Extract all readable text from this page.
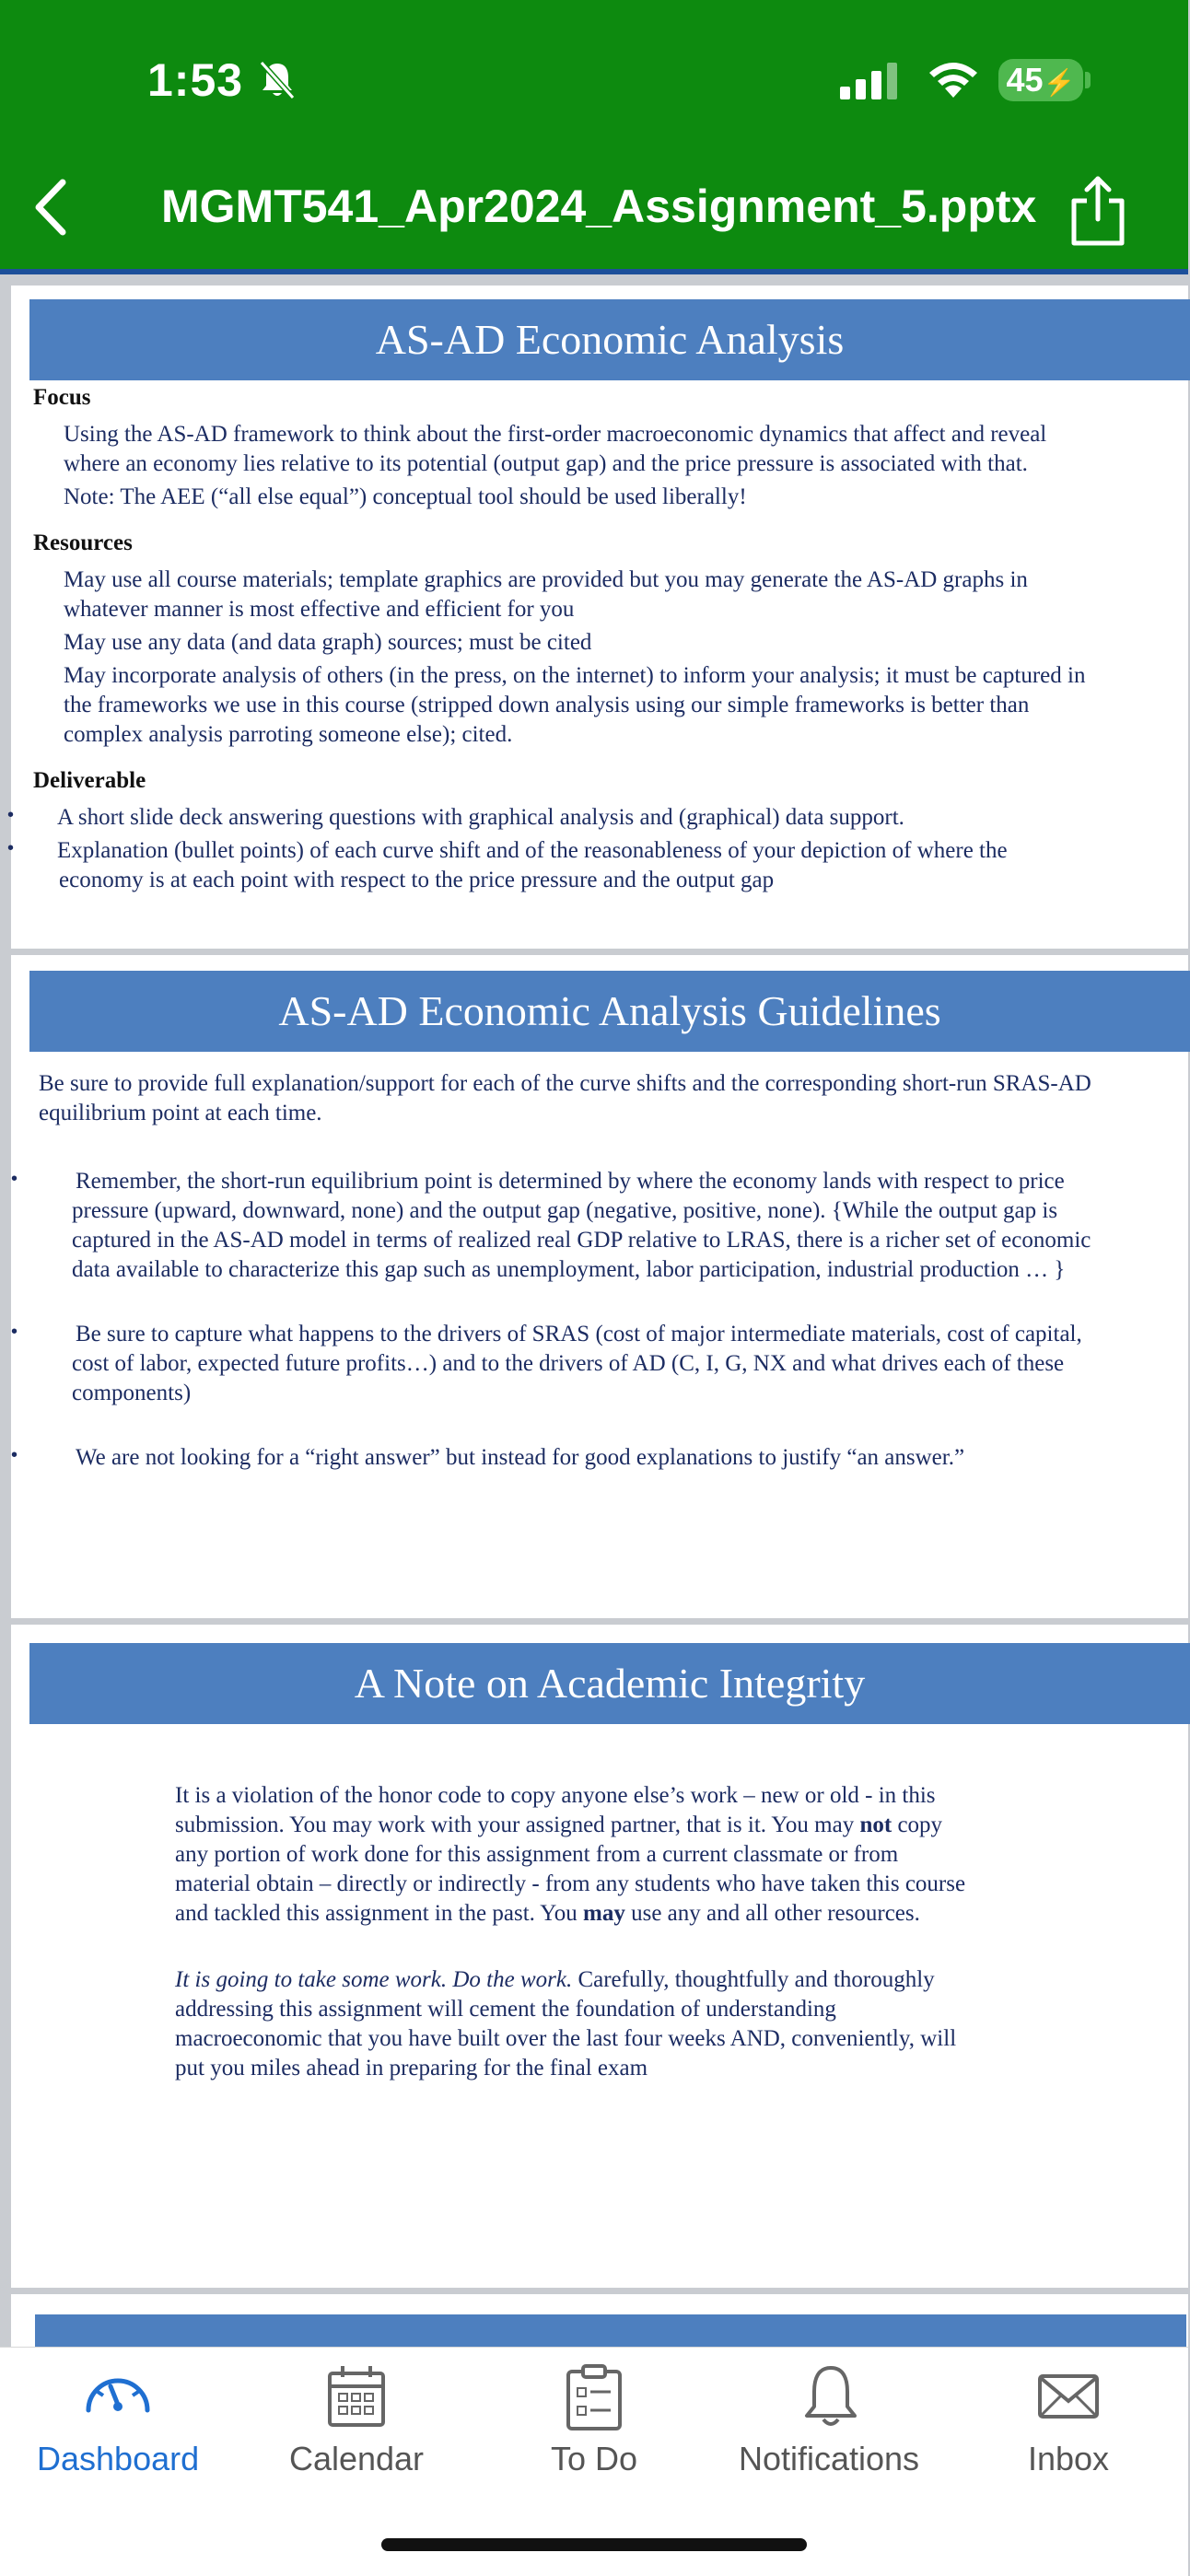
1:53	45⚡
MGMT541_Apr2024_Assignment_5.pptx
AS-AD Economic Analysis
Focus
Using the AS-AD framework to think about the first-order macroeconomic dynamics that affect and reveal
where an economy lies relative to its potential (output gap) and the price pressure is associated with that.
Note: The AEE (“all else equal”) conceptual tool should be used liberally!
Resources
May use all course materials; template graphics are provided but you may generate the AS-AD graphs in
whatever manner is most effective and efficient for you
May use any data (and data graph) sources; must be cited
May incorporate analysis of others (in the press, on the internet) to inform your analysis; it must be captured in
the frameworks we use in this course (stripped down analysis using our simple frameworks is better than
complex analysis parroting someone else); cited.
Deliverable
• A short slide deck answering questions with graphical analysis and (graphical) data support.
• Explanation (bullet points) of each curve shift and of the reasonableness of your depiction of where the
economy is at each point with respect to the price pressure and the output gap
AS-AD Economic Analysis Guidelines
Be sure to provide full explanation/support for each of the curve shifts and the corresponding short-run SRAS-AD
equilibrium point at each time.
•	Remember, the short-run equilibrium point is determined by where the economy lands with respect to price
pressure (upward, downward, none) and the output gap (negative, positive, none). {While the output gap is
captured in the AS-AD model in terms of realized real GDP relative to LRAS, there is a richer set of economic
data available to characterize this gap such as unemployment, labor participation, industrial production … }
•	Be sure to capture what happens to the drivers of SRAS (cost of major intermediate materials, cost of capital,
cost of labor, expected future profits…) and to the drivers of AD (C, I, G, NX and what drives each of these
components)
•	We are not looking for a “right answer” but instead for good explanations to justify “an answer.”
A Note on Academic Integrity
It is a violation of the honor code to copy anyone else’s work – new or old - in this
submission. You may work with your assigned partner, that is it. You may not copy
any portion of work done for this assignment from a current classmate or from
material obtain – directly or indirectly - from any students who have taken this course
and tackled this assignment in the past. You may use any and all other resources.
It is going to take some work. Do the work. Carefully, thoughtfully and thoroughly
addressing this assignment will cement the foundation of understanding
macroeconomic that you have built over the last four weeks AND, conveniently, will
put you miles ahead in preparing for the final exam
Dashboard	Calendar	To Do	Notifications	Inbox
